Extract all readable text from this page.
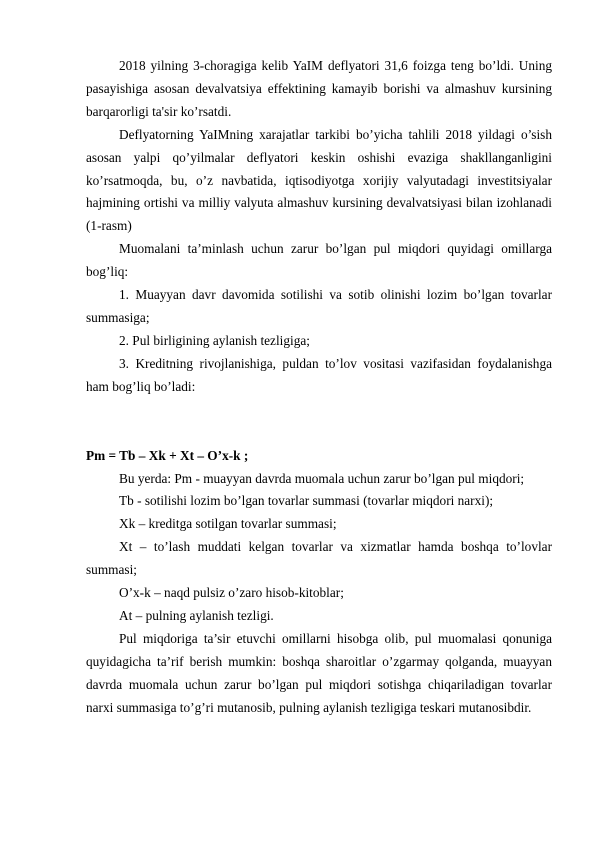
2018 yilning 3-choragiga kelib YaIM deflyatori 31,6 foizga teng bo’ldi. Uning pasayishiga asosan devalvatsiya effektining kamayib borishi va almashuv kursining barqarorligi ta'sir ko’rsatdi.

Deflyatorning YaIMning xarajatlar tarkibi bo’yicha tahlili 2018 yildagi o’sish asosan yalpi qo’yilmalar deflyatori keskin oshishi evaziga shakllanganligini ko’rsatmoqda, bu, o’z navbatida, iqtisodiyotga xorijiy valyutadagi investitsiyalar hajmining ortishi va milliy valyuta almashuv kursining devalvatsiyasi bilan izohlanadi (1-rasm)

Muomalani ta’minlash uchun zarur bo’lgan pul miqdori quyidagi omillarga bog’liq:

1. Muayyan davr davomida sotilishi va sotib olinishi lozim bo’lgan tovarlar summasiga;

2. Pul birligining aylanish tezligiga;

3. Kreditning rivojlanishiga, puldan to’lov vositasi vazifasidan foydalanishga ham bog’liq bo’ladi:

Pm = Tb – Xk + Xt – O’x-k ;

Bu yerda: Pm - muayyan davrda muomala uchun zarur bo’lgan pul miqdori;

Tb - sotilishi lozim bo’lgan tovarlar summasi (tovarlar miqdori narxi);

Xk – kreditga sotilgan tovarlar summasi;

Xt – to’lash muddati kelgan tovarlar va xizmatlar hamda boshqa to’lovlar summasi;

O’x-k – naqd pulsiz o’zaro hisob-kitoblar;

At – pulning aylanish tezligi.

Pul miqdoriga ta’sir etuvchi omillarni hisobga olib, pul muomalasi qonuniga quyidagicha ta’rif berish mumkin: boshqa sharoitlar o’zgarmay qolganda, muayyan davrda muomala uchun zarur bo’lgan pul miqdori sotishga chiqariladigan tovarlar narxi summasiga to’g’ri mutanosib, pulning aylanish tezligiga teskari mutanosibdir.
